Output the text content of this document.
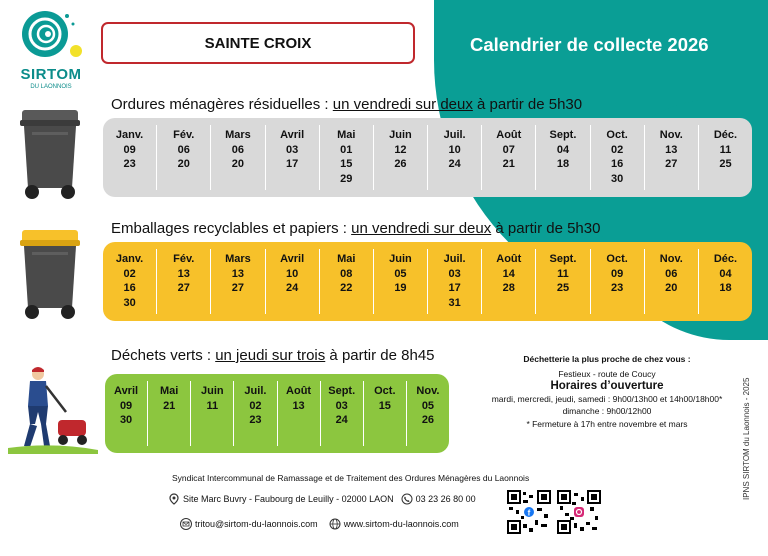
SIRTOM
DU LAONNOIS
SAINTE CROIX	Calendrier de collecte 2026
Ordures ménagères résiduelles : un vendredi sur deux à partir de 5h30
Janv.
09
23
Fév.
06
20
Mars
06
20
Avril
03
17
Mai
01
15
29
Juin
12
26
Juil.
10
24
Août
07
21
Sept.
04
18
Oct.
02
16
30
Nov.
13
27
Déc.
11
25
Emballages recyclables et papiers : un vendredi sur deux à partir de 5h30
Janv.
02
16
30
Fév.
13
27
Mars
13
27
Avril
10
24
Mai
08
22
Juin
05
19
Juil.
03
17
31
Août
14
28
Sept.
11
25
Oct.
09
23
Nov.
06
20
Déc.
04
18
Déchets verts : un jeudi sur trois à partir de 8h45
Avril
09
30
Mai
21
Juin
11
Juil.
02
23
Août
13
Sept.
03
24
Oct.
15
Nov.
05
26
Déchetterie la plus proche de chez vous :
Festieux - route de Coucy
Horaires d’ouverture
mardi, mercredi, jeudi, samedi : 9h00/13h00 et 14h00/18h00*
dimanche : 9h00/12h00
* Fermeture à 17h entre novembre et mars
Syndicat Intercommunal de Ramassage et de Traitement des Ordures Ménagères du Laonnois
Site Marc Buvry - Faubourg de Leuilly - 02000 LAON 03 23 26 80 00
tritou@sirtom-du-laonnois.com	www.sirtom-du-laonnois.com
f
IPNS SIRTOM du Laonnois - 2025
